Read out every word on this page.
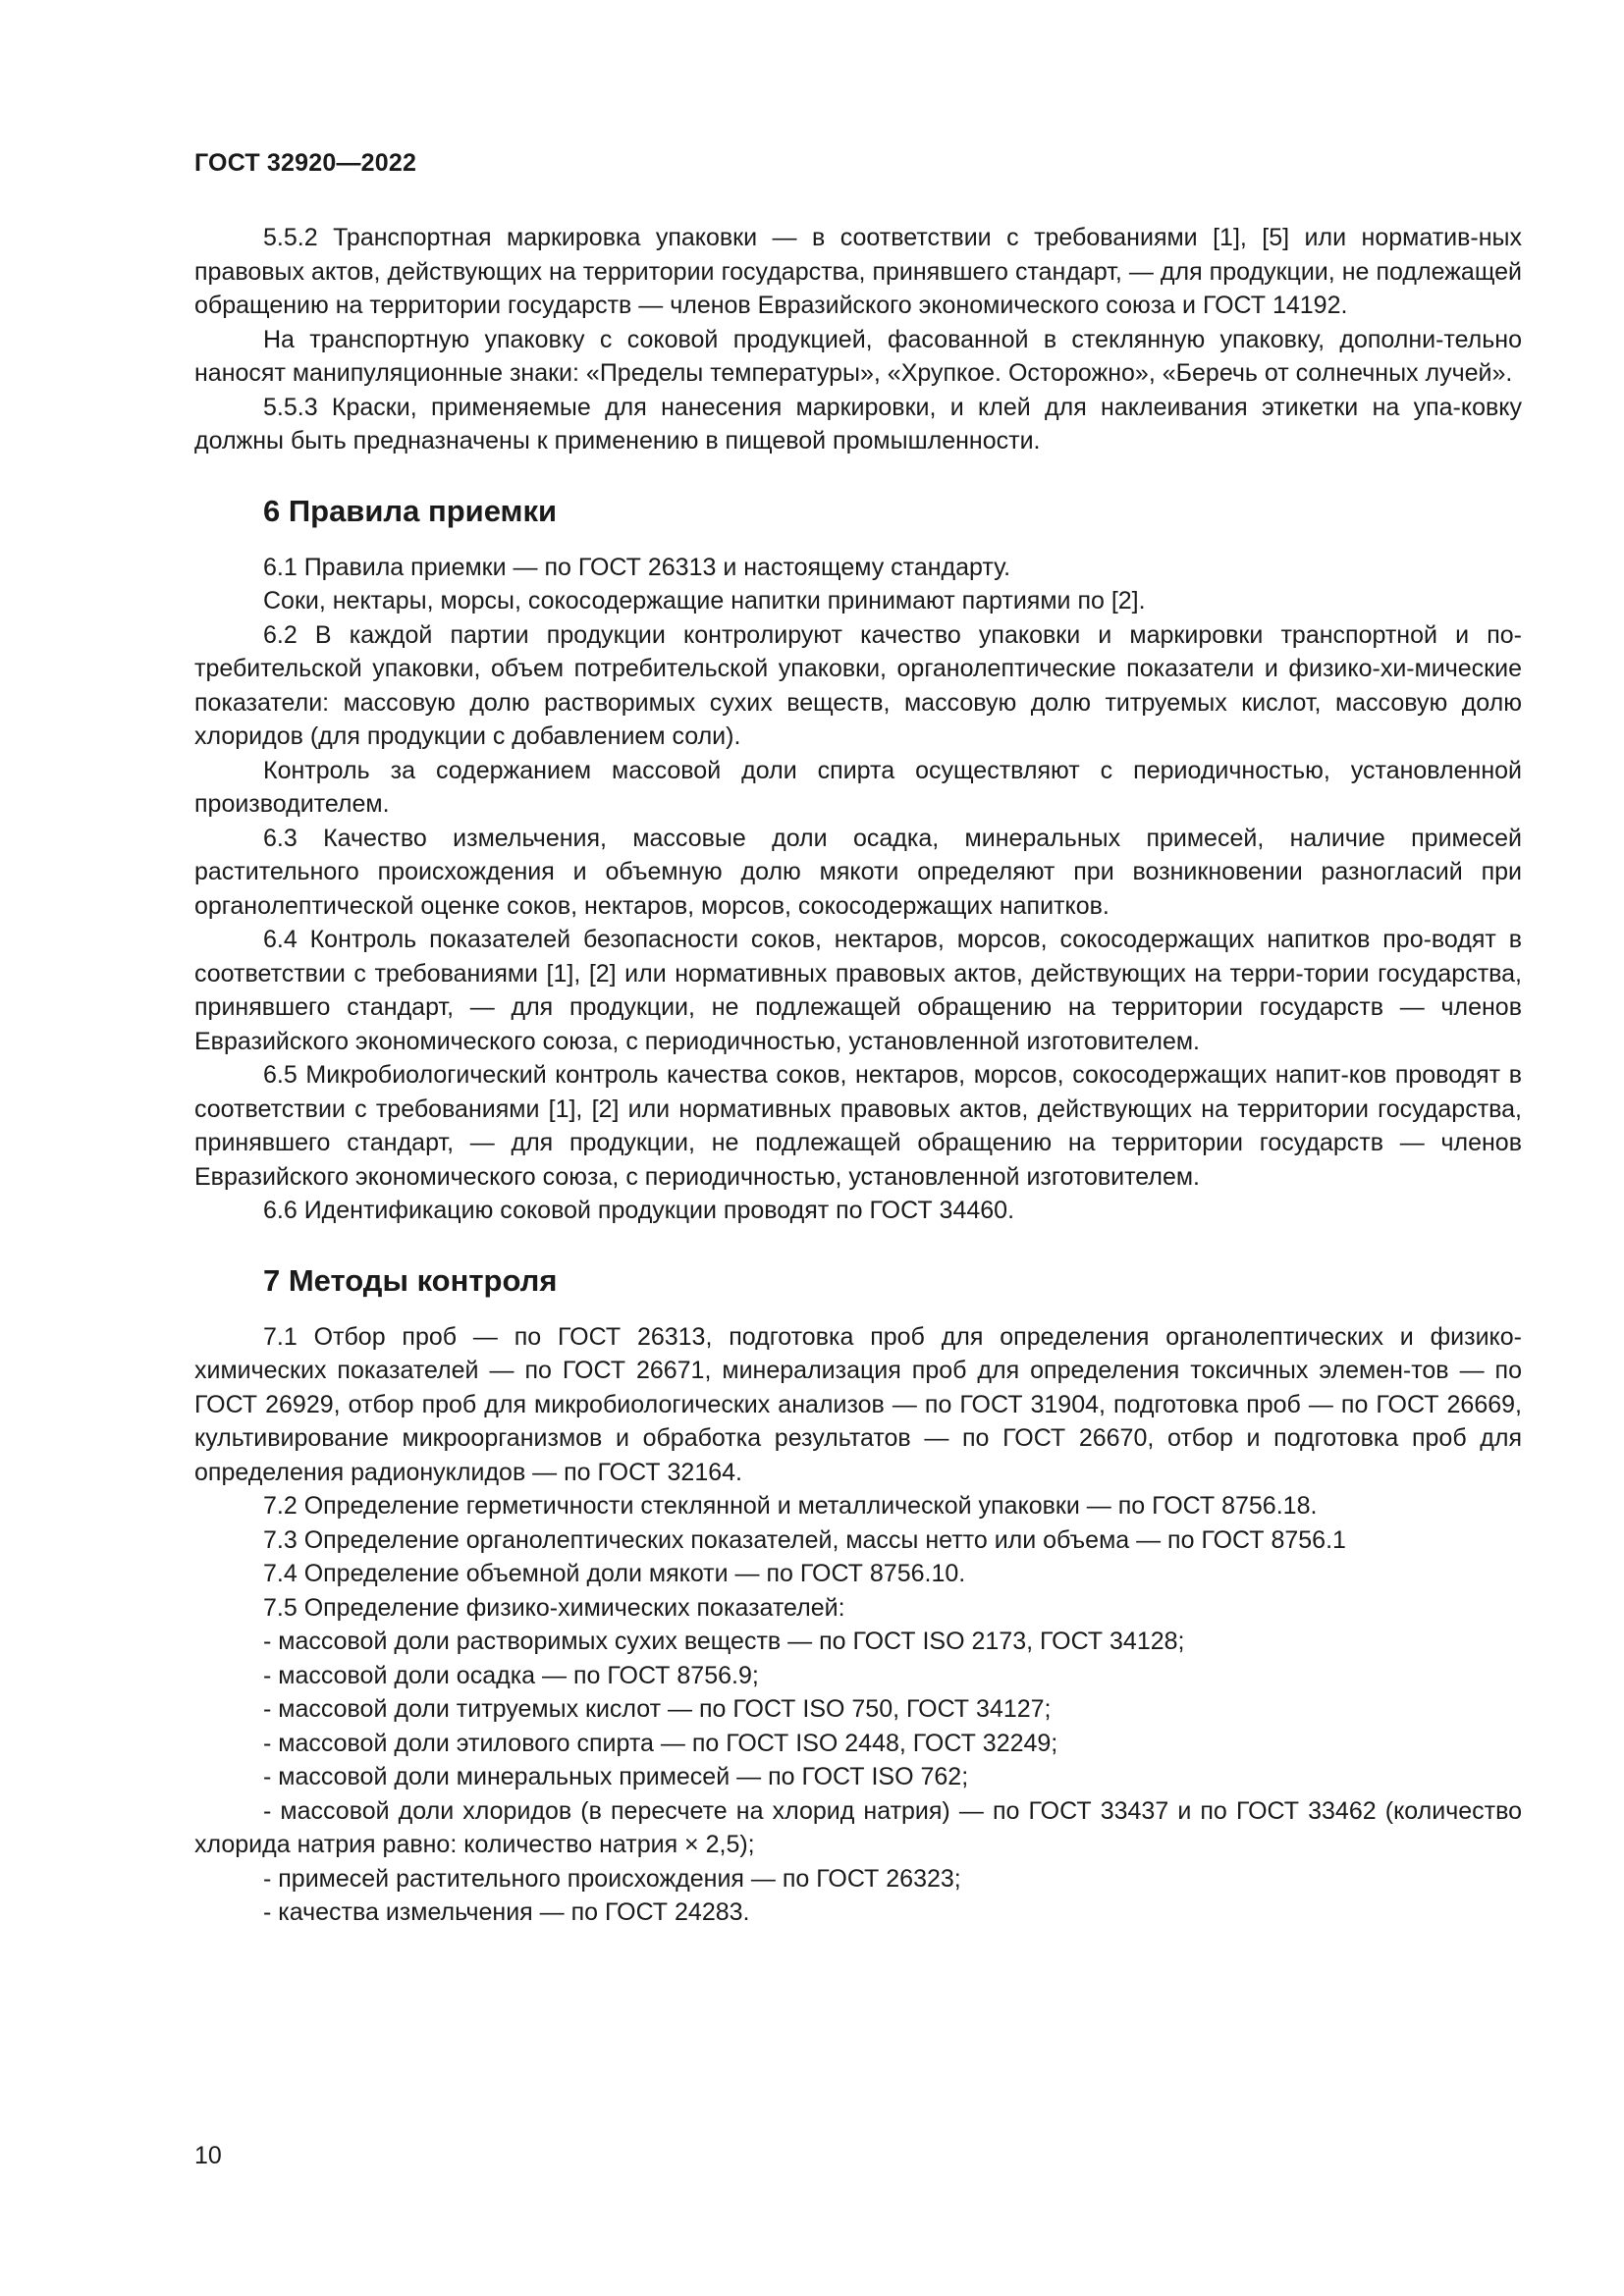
ГОСТ 32920—2022

5.5.2 Транспортная маркировка упаковки — в соответствии с требованиями [1], [5] или норматив-ных правовых актов, действующих на территории государства, принявшего стандарт, — для продукции, не подлежащей обращению на территории государств — членов Евразийского экономического союза и ГОСТ 14192.

На транспортную упаковку с соковой продукцией, фасованной в стеклянную упаковку, дополни-тельно наносят манипуляционные знаки: «Пределы температуры», «Хрупкое. Осторожно», «Беречь от солнечных лучей».

5.5.3 Краски, применяемые для нанесения маркировки, и клей для наклеивания этикетки на упа-ковку должны быть предназначены к применению в пищевой промышленности.

6 Правила приемки

6.1 Правила приемки — по ГОСТ 26313 и настоящему стандарту.

Соки, нектары, морсы, сокосодержащие напитки принимают партиями по [2].

6.2 В каждой партии продукции контролируют качество упаковки и маркировки транспортной и по-требительской упаковки, объем потребительской упаковки, органолептические показатели и физико-хи-мические показатели: массовую долю растворимых сухих веществ, массовую долю титруемых кислот, массовую долю хлоридов (для продукции с добавлением соли).

Контроль за содержанием массовой доли спирта осуществляют с периодичностью, установленной производителем.

6.3 Качество измельчения, массовые доли осадка, минеральных примесей, наличие примесей растительного происхождения и объемную долю мякоти определяют при возникновении разногласий при органолептической оценке соков, нектаров, морсов, сокосодержащих напитков.

6.4 Контроль показателей безопасности соков, нектаров, морсов, сокосодержащих напитков про-водят в соответствии с требованиями [1], [2] или нормативных правовых актов, действующих на терри-тории государства, принявшего стандарт, — для продукции, не подлежащей обращению на территории государств — членов Евразийского экономического союза, с периодичностью, установленной изготовителем.

6.5 Микробиологический контроль качества соков, нектаров, морсов, сокосодержащих напит-ков проводят в соответствии с требованиями [1], [2] или нормативных правовых актов, действующих на территории государства, принявшего стандарт, — для продукции, не подлежащей обращению на территории государств — членов Евразийского экономического союза, с периодичностью, установленной изготовителем.

6.6 Идентификацию соковой продукции проводят по ГОСТ 34460.

7 Методы контроля

7.1 Отбор проб — по ГОСТ 26313, подготовка проб для определения органолептических и физико-химических показателей — по ГОСТ 26671, минерализация проб для определения токсичных элемен-тов — по ГОСТ 26929, отбор проб для микробиологических анализов — по ГОСТ 31904, подготовка проб — по ГОСТ 26669, культивирование микроорганизмов и обработка результатов — по ГОСТ 26670, отбор и подготовка проб для определения радионуклидов — по ГОСТ 32164.

7.2 Определение герметичности стеклянной и металлической упаковки — по ГОСТ 8756.18.

7.3 Определение органолептических показателей, массы нетто или объема — по ГОСТ 8756.1

7.4 Определение объемной доли мякоти — по ГОСТ 8756.10.

7.5 Определение физико-химических показателей:

- массовой доли растворимых сухих веществ — по ГОСТ ISO 2173, ГОСТ 34128;

- массовой доли осадка — по ГОСТ 8756.9;

- массовой доли титруемых кислот — по ГОСТ ISO 750, ГОСТ 34127;

- массовой доли этилового спирта — по ГОСТ ISO 2448, ГОСТ 32249;

- массовой доли минеральных примесей — по ГОСТ ISO 762;

- массовой доли хлоридов (в пересчете на хлорид натрия) — по ГОСТ 33437 и по ГОСТ 33462 (количество хлорида натрия равно: количество натрия × 2,5);

- примесей растительного происхождения — по ГОСТ 26323;

- качества измельчения — по ГОСТ 24283.

10
